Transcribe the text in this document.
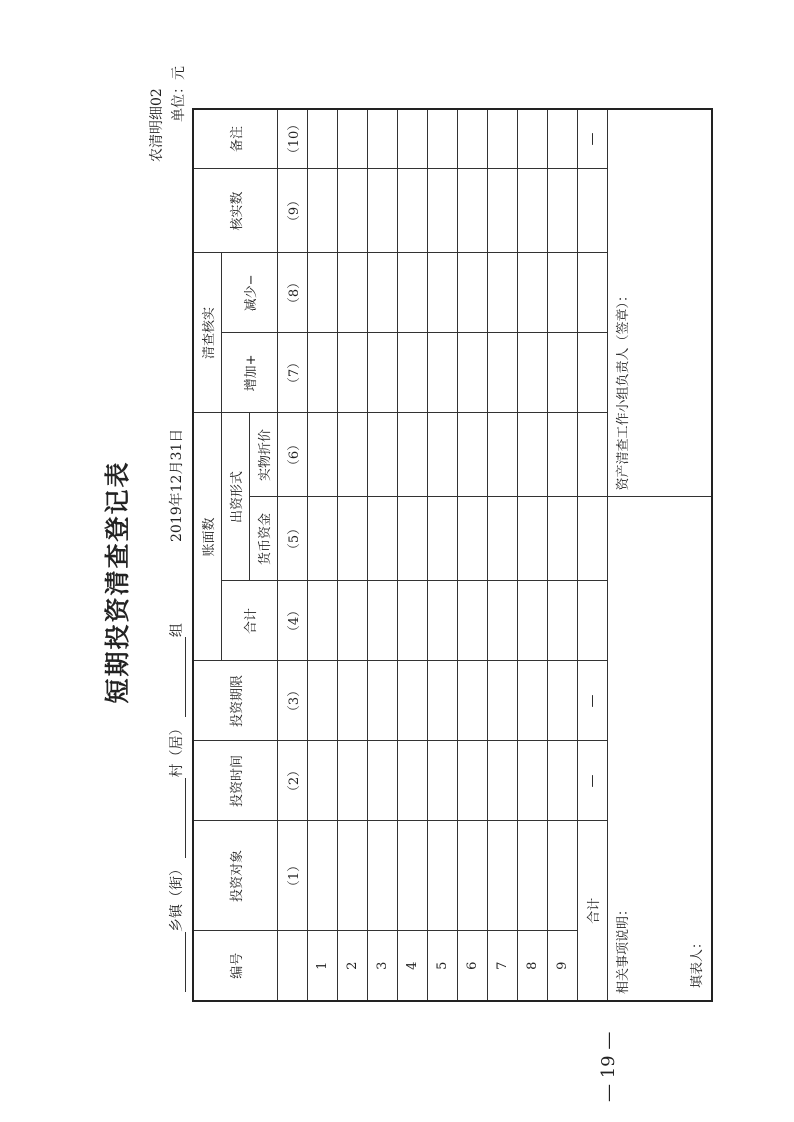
短期投资清查登记表
农清明细02 单位：元
2019年12月31日
乡镇（街） 村（居） 组
编号	投资对象	投资时间	投资期限	账面数			清查核实		核实数	备注
				合计	出资形式		增加+	减少−		
					货币资金	实物折价				
	（1）	（2）	（3）	（4）	（5）	（6）	（7）	（8）	（9）	（10）
1										
2										
3										
4										
5										
6										
7										
8										
9										
合计		—	—							—
相关事项说明： 填表人：						资产清查工作小组负责人（签章）：				
— 19 —
